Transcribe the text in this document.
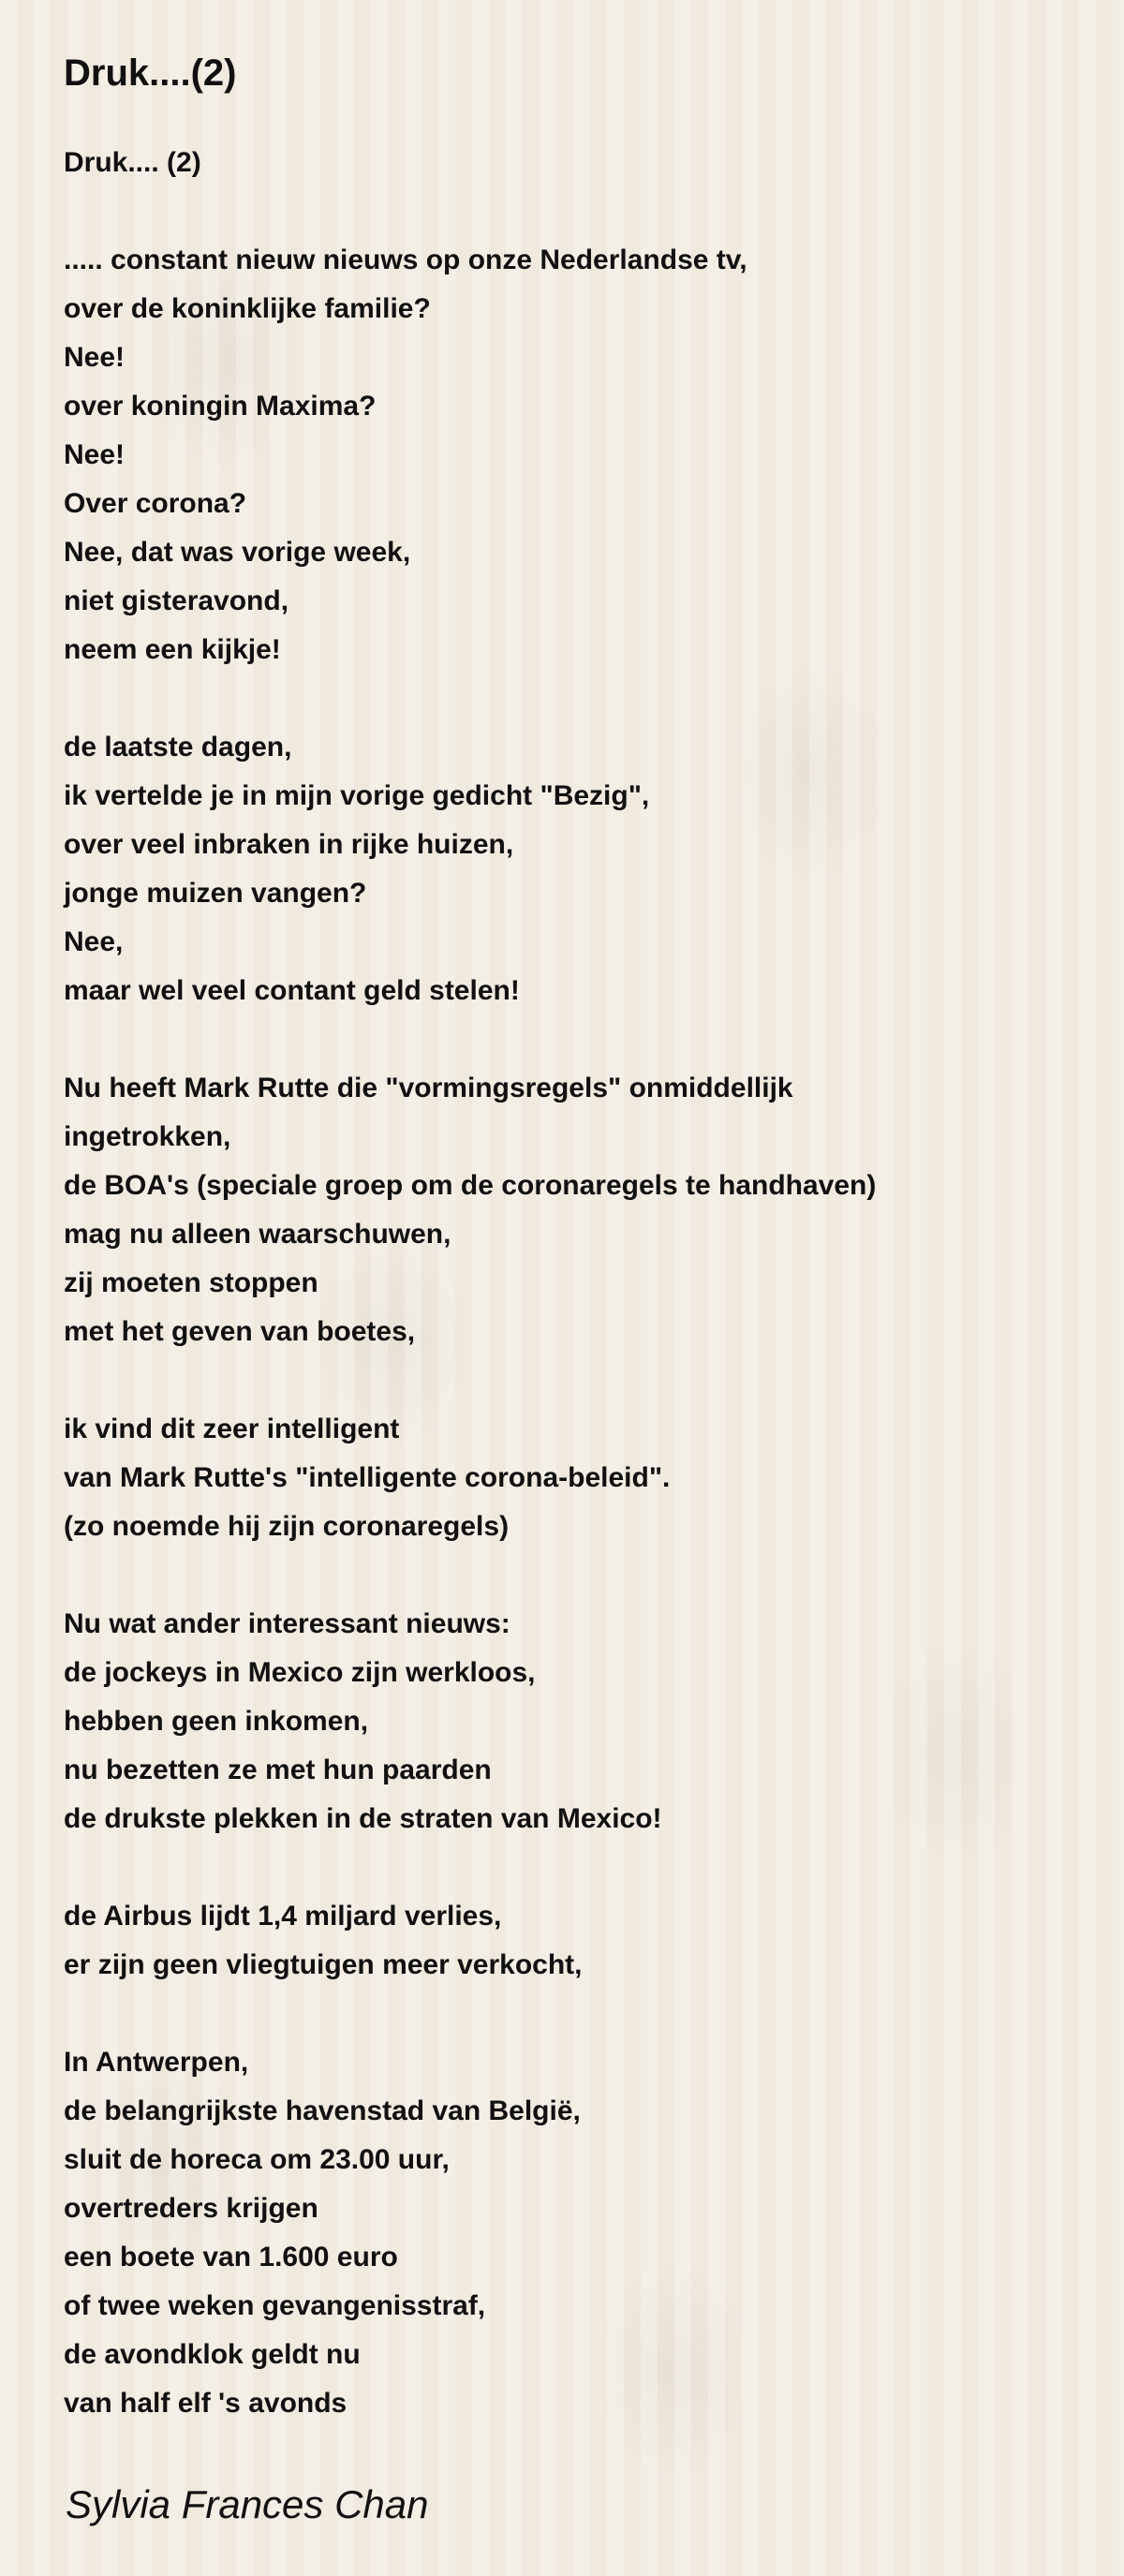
Druk....(2)
Druk.... (2)
..... constant nieuw nieuws op onze Nederlandse tv,
over de koninklijke familie?
Nee!
over koningin Maxima?
Nee!
Over corona?
Nee, dat was vorige week,
niet gisteravond,
neem een kijkje!
de laatste dagen,
ik vertelde je in mijn vorige gedicht "Bezig",
over veel inbraken in rijke huizen,
jonge muizen vangen?
Nee,
maar wel veel contant geld stelen!
Nu heeft Mark Rutte die "vormingsregels" onmiddellijk
ingetrokken,
de BOA's (speciale groep om de coronaregels te handhaven)
mag nu alleen waarschuwen,
zij moeten stoppen
met het geven van boetes,
ik vind dit zeer intelligent
van Mark Rutte's "intelligente corona-beleid".
(zo noemde hij zijn coronaregels)
Nu wat ander interessant nieuws:
de jockeys in Mexico zijn werkloos,
hebben geen inkomen,
nu bezetten ze met hun paarden
de drukste plekken in de straten van Mexico!
de Airbus lijdt 1,4 miljard verlies,
er zijn geen vliegtuigen meer verkocht,
In Antwerpen,
de belangrijkste havenstad van België,
sluit de horeca om 23.00 uur,
overtreders krijgen
een boete van 1.600 euro
of twee weken gevangenisstraf,
de avondklok geldt nu
van half elf 's avonds
Sylvia Frances Chan
